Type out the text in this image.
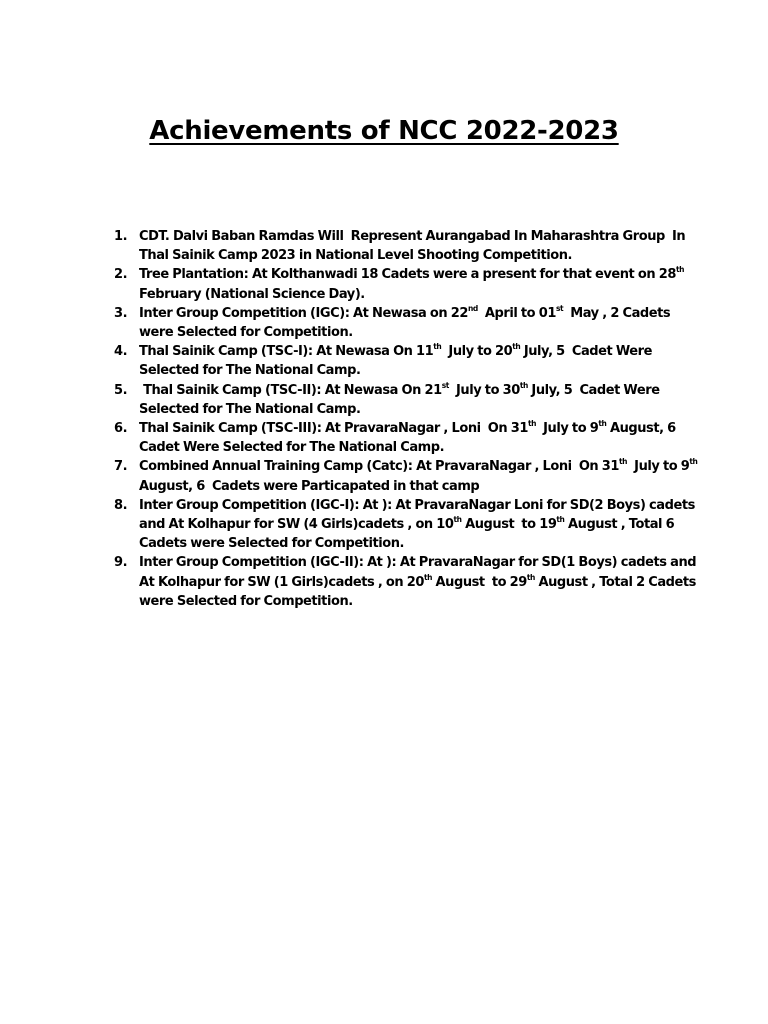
Achievements of NCC 2022-2023
1. CDT. Dalvi Baban Ramdas Will  Represent Aurangabad In Maharashtra Group  In
Thal Sainik Camp 2023 in National Level Shooting Competition.
2. Tree Plantation: At Kolthanwadi 18 Cadets were a present for that event on 28th
February (National Science Day).
3. Inter Group Competition (IGC): At Newasa on 22nd  April to 01st  May , 2 Cadets
were Selected for Competition.
4. Thal Sainik Camp (TSC-I): At Newasa On 11th  July to 20th July, 5  Cadet Were
Selected for The National Camp.
5. Thal Sainik Camp (TSC-II): At Newasa On 21st  July to 30th July, 5  Cadet Were
Selected for The National Camp.
6. Thal Sainik Camp (TSC-III): At PravaraNagar , Loni  On 31th  July to 9th August, 6
Cadet Were Selected for The National Camp.
7. Combined Annual Training Camp (Catc): At PravaraNagar , Loni  On 31th  July to 9th
August, 6  Cadets were Particapated in that camp
8. Inter Group Competition (IGC-I): At ): At PravaraNagar Loni for SD(2 Boys) cadets
and At Kolhapur for SW (4 Girls)cadets , on 10th August  to 19th August , Total 6
Cadets were Selected for Competition.
9. Inter Group Competition (IGC-II): At ): At PravaraNagar for SD(1 Boys) cadets and
At Kolhapur for SW (1 Girls)cadets , on 20th August  to 29th August , Total 2 Cadets
were Selected for Competition.
